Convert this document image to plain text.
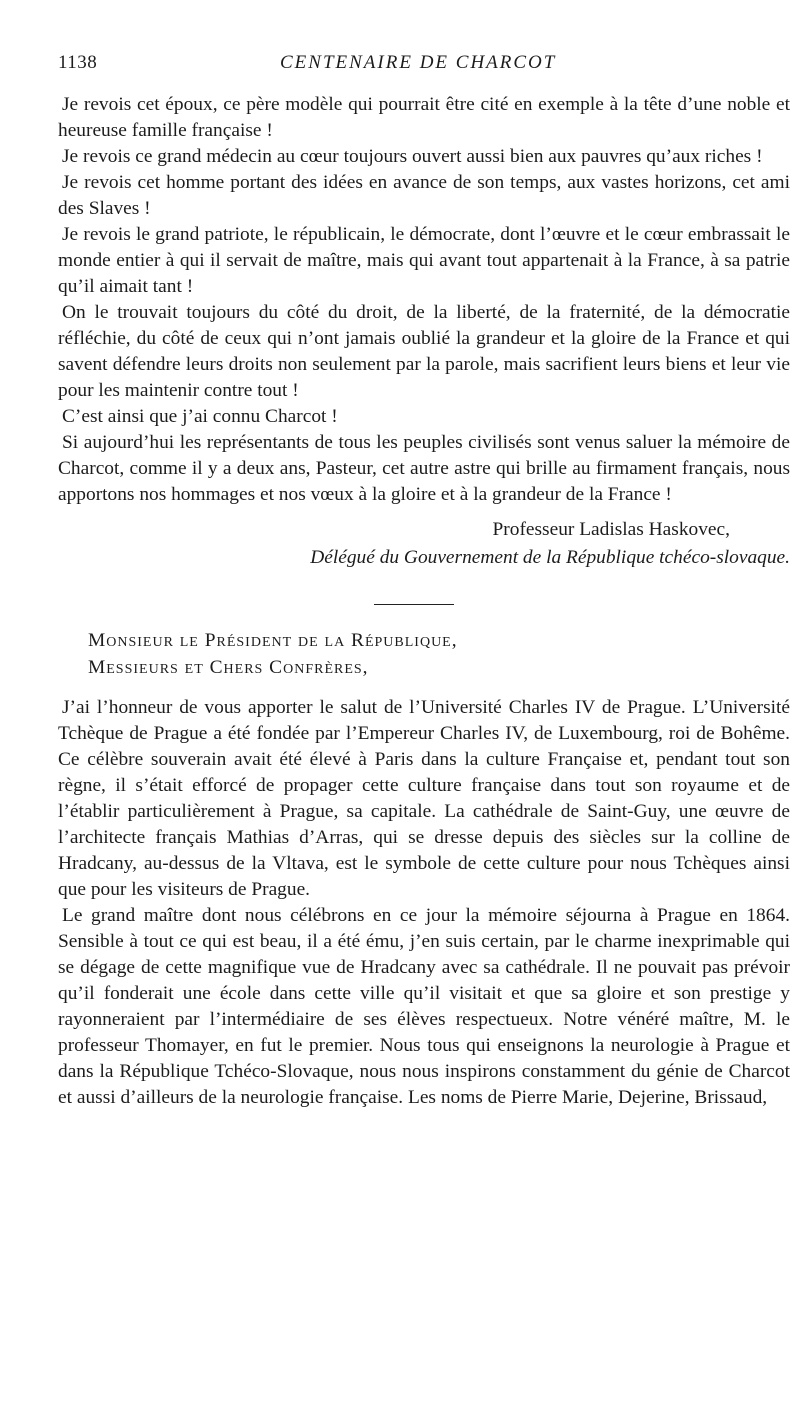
1138	CENTENAIRE DE CHARCOT

Je revois cet époux, ce père modèle qui pourrait être cité en exemple à la tête d’une noble et heureuse famille française !

Je revois ce grand médecin au cœur toujours ouvert aussi bien aux pauvres qu’aux riches !

Je revois cet homme portant des idées en avance de son temps, aux vastes horizons, cet ami des Slaves !

Je revois le grand patriote, le républicain, le démocrate, dont l’œuvre et le cœur embrassait le monde entier à qui il servait de maître, mais qui avant tout appartenait à la France, à sa patrie qu’il aimait tant !

On le trouvait toujours du côté du droit, de la liberté, de la fraternité, de la démocratie réfléchie, du côté de ceux qui n’ont jamais oublié la grandeur et la gloire de la France et qui savent défendre leurs droits non seulement par la parole, mais sacrifient leurs biens et leur vie pour les maintenir contre tout !

C’est ainsi que j’ai connu Charcot !

Si aujourd’hui les représentants de tous les peuples civilisés sont venus saluer la mémoire de Charcot, comme il y a deux ans, Pasteur, cet autre astre qui brille au firmament français, nous apportons nos hommages et nos vœux à la gloire et à la grandeur de la France !

Professeur Ladislas Haskovec,
Délégué du Gouvernement de la République tchéco-slovaque.
Monsieur le Président de la République,
Messieurs et Chers Confrères,

J’ai l’honneur de vous apporter le salut de l’Université Charles IV de Prague. L’Université Tchèque de Prague a été fondée par l’Empereur Charles IV, de Luxembourg, roi de Bohême. Ce célèbre souverain avait été élevé à Paris dans la culture Française et, pendant tout son règne, il s’était efforcé de propager cette culture française dans tout son royaume et de l’établir particulièrement à Prague, sa capitale. La cathédrale de Saint-Guy, une œuvre de l’architecte français Mathias d’Arras, qui se dresse depuis des siècles sur la colline de Hradcany, au-dessus de la Vltava, est le symbole de cette culture pour nous Tchèques ainsi que pour les visiteurs de Prague.

Le grand maître dont nous célébrons en ce jour la mémoire séjourna à Prague en 1864. Sensible à tout ce qui est beau, il a été ému, j’en suis certain, par le charme inexprimable qui se dégage de cette magnifique vue de Hradcany avec sa cathédrale. Il ne pouvait pas prévoir qu’il fonderait une école dans cette ville qu’il visitait et que sa gloire et son prestige y rayonneraient par l’intermédiaire de ses élèves respectueux. Notre vénéré maître, M. le professeur Thomayer, en fut le premier. Nous tous qui enseignons la neurologie à Prague et dans la République Tchéco-Slovaque, nous nous inspirons constamment du génie de Charcot et aussi d’ailleurs de la neurologie française. Les noms de Pierre Marie, Dejerine, Brissaud,
